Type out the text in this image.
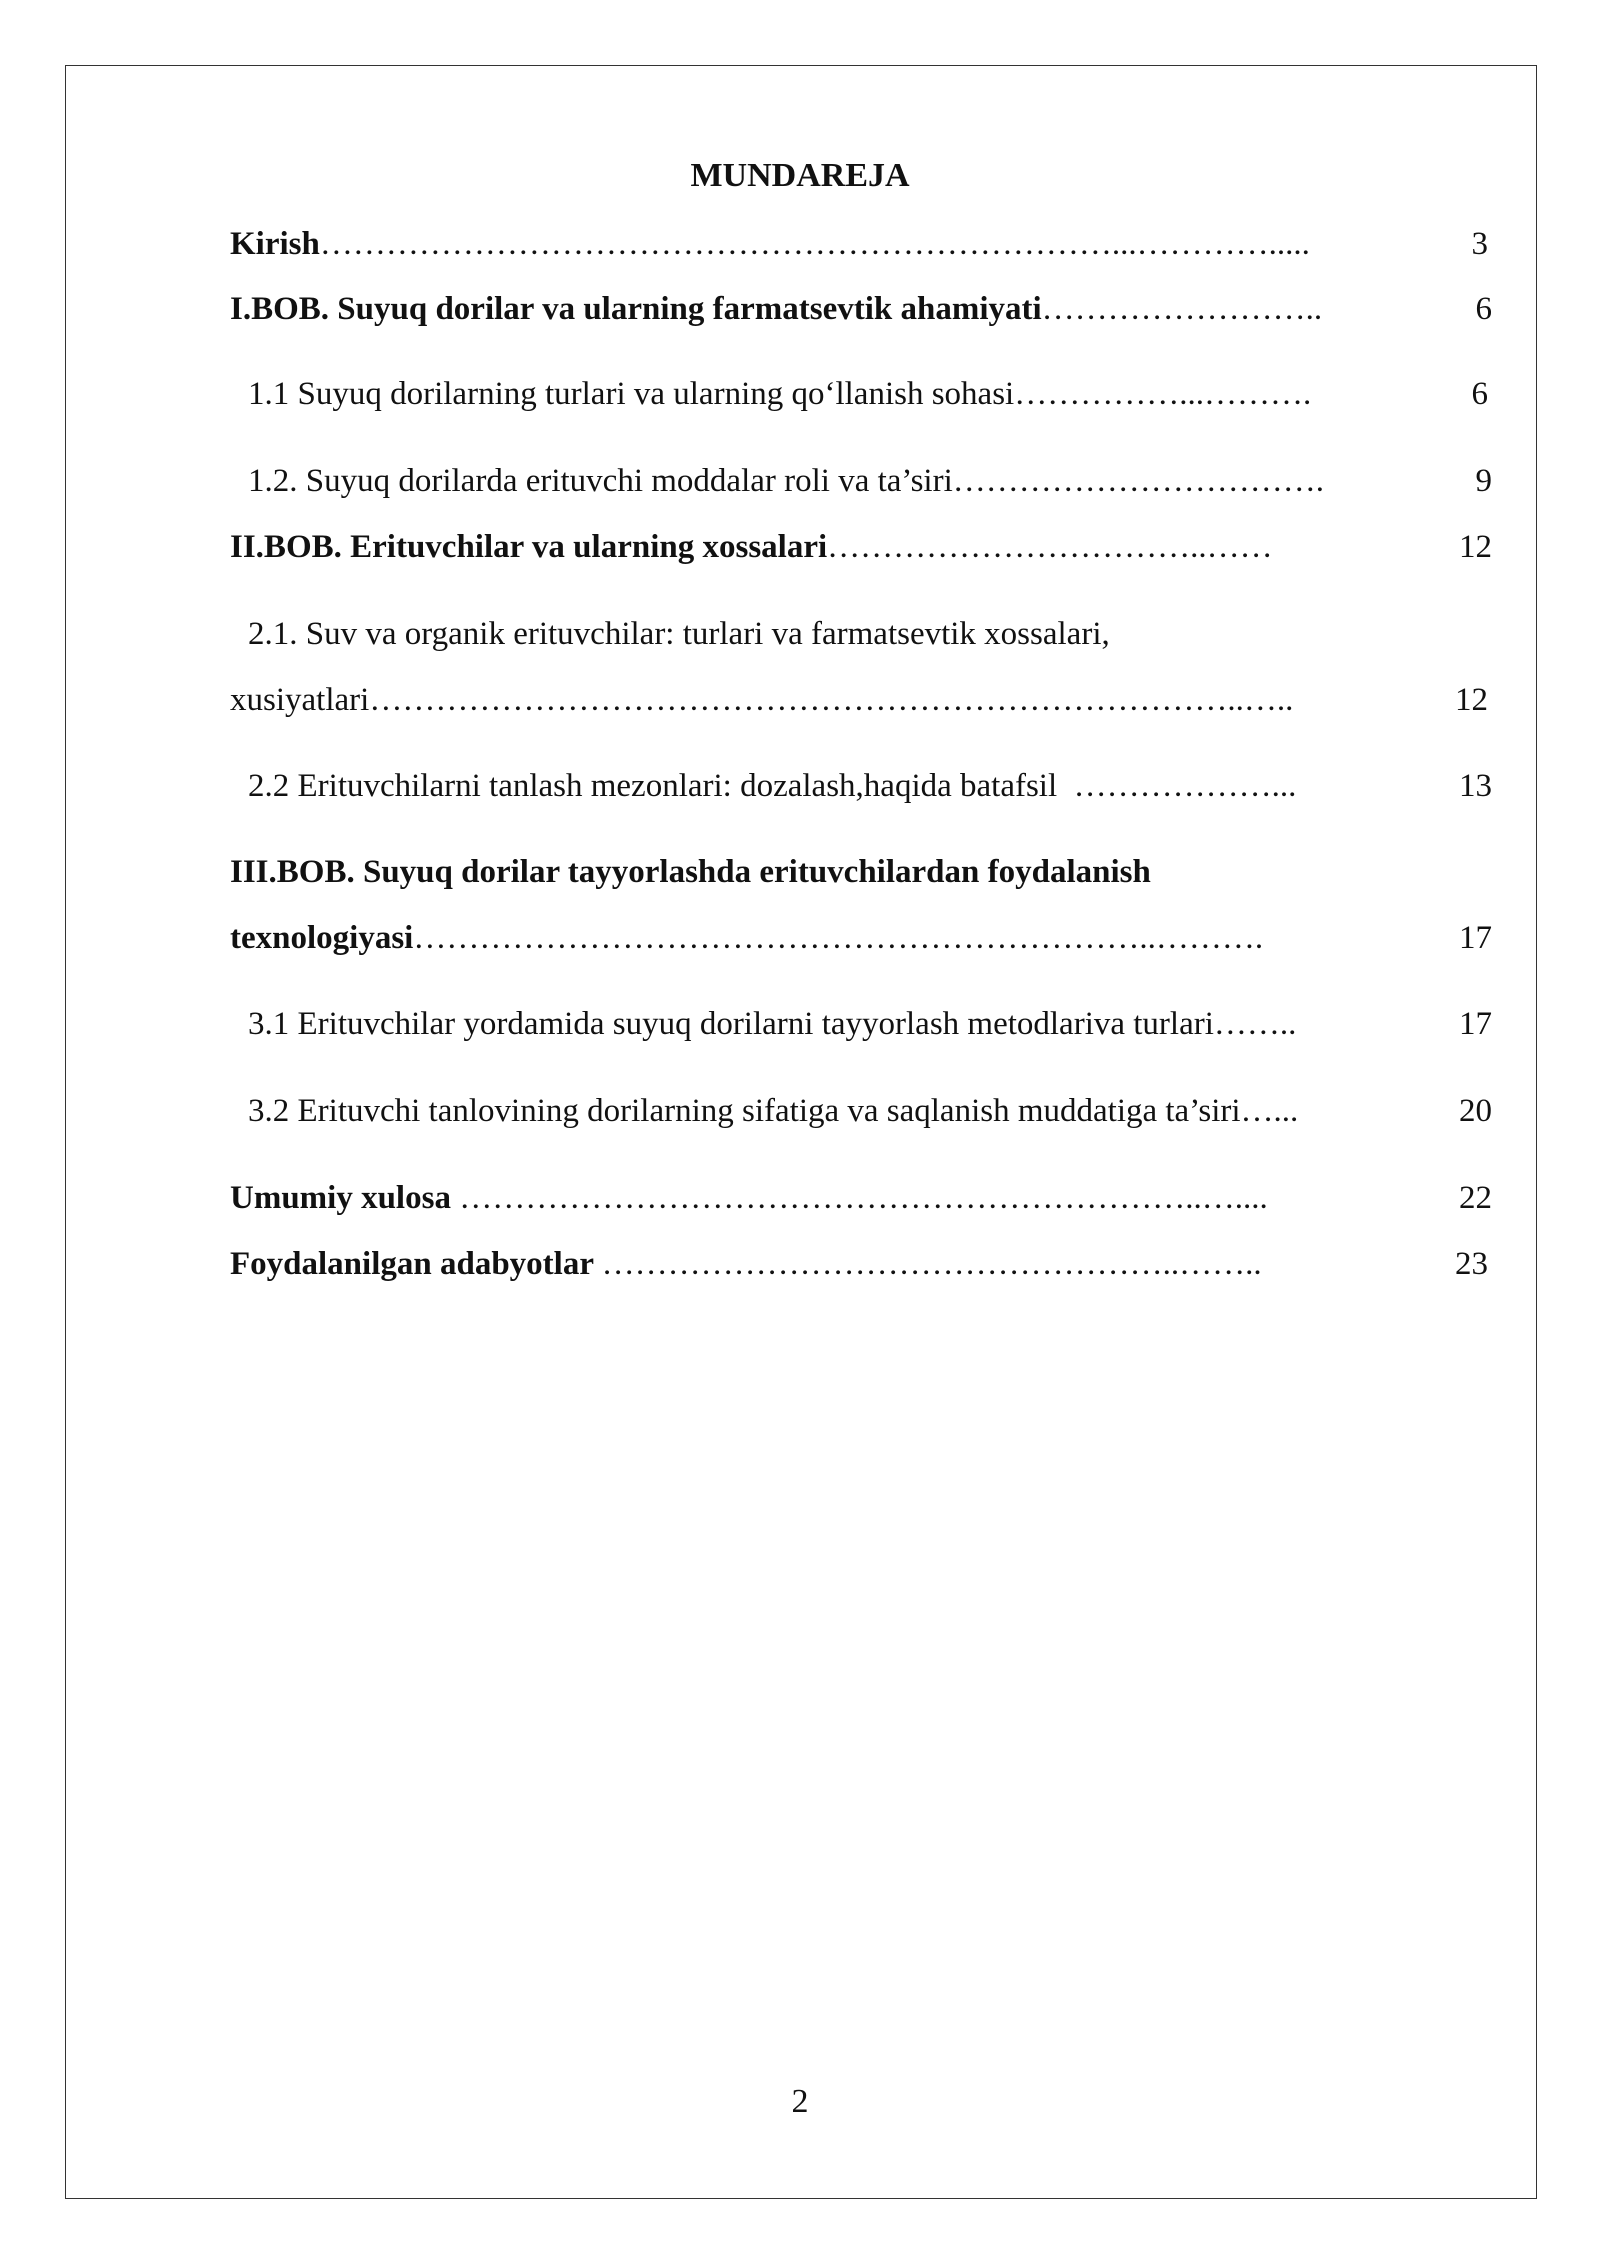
MUNDAREJA
Kirish ………………………………………………………………...………….....	3
I.BOB. Suyuq dorilar va ularning farmatsevtik ahamiyati ……………………..	6
1.1 Suyuq dorilarning turlari va ularning qo‘llanish sohasi ……………...……….	6
1.2. Suyuq dorilarda erituvchi moddalar roli va ta’siri …………………………….	9
II.BOB. Erituvchilar va ularning xossalari ……………………………..……	12
2.1. Suv va organik erituvchilar: turlari va farmatsevtik xossalari,
xusiyatlari ……………………………………………………………………..…..	12
2.2 Erituvchilarni tanlash mezonlari: dozalash,haqida batafsil ………………...	13
III.BOB. Suyuq dorilar tayyorlashda erituvchilardan foydalanish
texnologiyasi …………………………………………………………..……….	17
3.1 Erituvchilar yordamida suyuq dorilarni tayyorlash metodlariva turlari ……..	17
3.2 Erituvchi tanlovining dorilarning sifatiga va saqlanish muddatiga ta’siri …...	20
Umumiy xulosa …………………………………………………………..…....	22
Foydalanilgan adabyotlar ……………………………………………..……..	23
2
